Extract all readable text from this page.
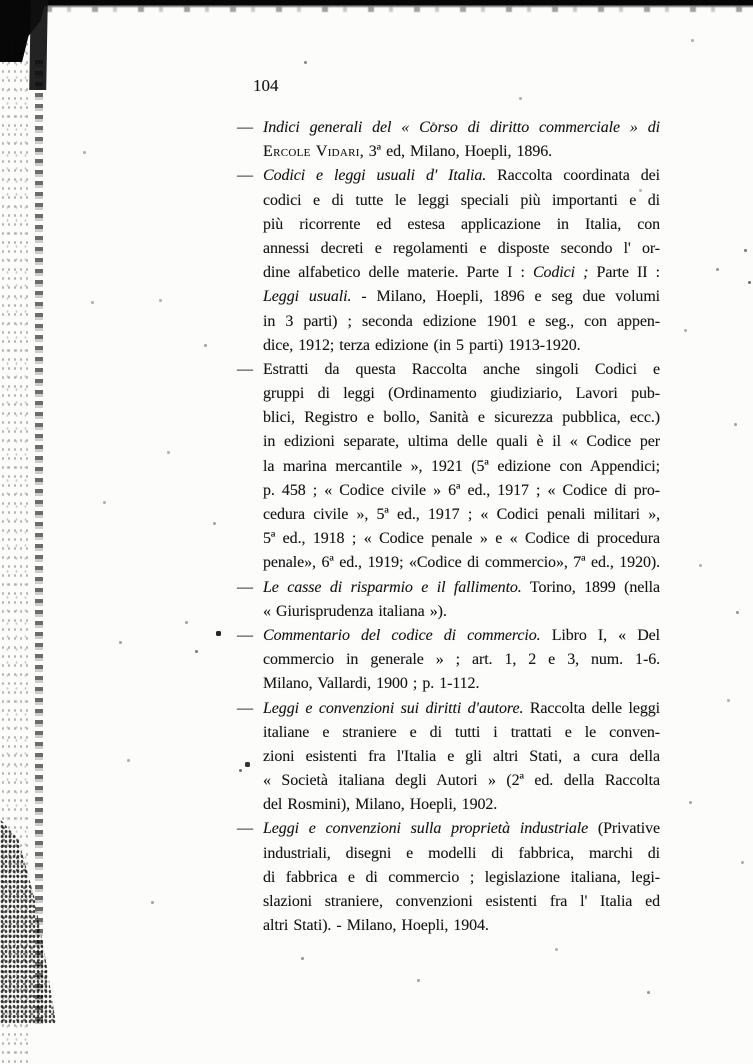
104
— Indici generali del « Corso di diritto commerciale » di
Ercole Vidari, 3ª ed, Milano, Hoepli, 1896.
— Codici e leggi usuali d' Italia. Raccolta coordinata dei
codici e di tutte le leggi speciali più importanti e di
più ricorrente ed estesa applicazione in Italia, con
annessi decreti e regolamenti e disposte secondo l' or-
dine alfabetico delle materie. Parte I : Codici ; Parte II :
Leggi usuali. - Milano, Hoepli, 1896 e seg due volumi
in 3 parti) ; seconda edizione 1901 e seg., con appen-
dice, 1912; terza edizione (in 5 parti) 1913-1920.
— Estratti da questa Raccolta anche singoli Codici e
gruppi di leggi (Ordinamento giudiziario, Lavori pub-
blici, Registro e bollo, Sanità e sicurezza pubblica, ecc.)
in edizioni separate, ultima delle quali è il « Codice per
la marina mercantile », 1921 (5ª edizione con Appendici;
p. 458 ; « Codice civile » 6ª ed., 1917 ; « Codice di pro-
cedura civile », 5ª ed., 1917 ; « Codici penali militari »,
5ª ed., 1918 ; « Codice penale » e « Codice di procedura
penale», 6ª ed., 1919; «Codice di commercio», 7ª ed., 1920).
— Le casse di risparmio e il fallimento. Torino, 1899 (nella
« Giurisprudenza italiana »).
— Commentario del codice di commercio. Libro I, « Del
commercio in generale » ; art. 1, 2 e 3, num. 1-6.
Milano, Vallardi, 1900 ; p. 1-112.
— Leggi e convenzioni sui diritti d'autore. Raccolta delle leggi
italiane e straniere e di tutti i trattati e le conven-
zioni esistenti fra l'Italia e gli altri Stati, a cura della
« Società italiana degli Autori » (2ª ed. della Raccolta
del Rosmini), Milano, Hoepli, 1902.
— Leggi e convenzioni sulla proprietà industriale (Privative
industriali, disegni e modelli di fabbrica, marchi di
di fabbrica e di commercio ; legislazione italiana, legi-
slazioni straniere, convenzioni esistenti fra l' Italia ed
altri Stati). - Milano, Hoepli, 1904.
